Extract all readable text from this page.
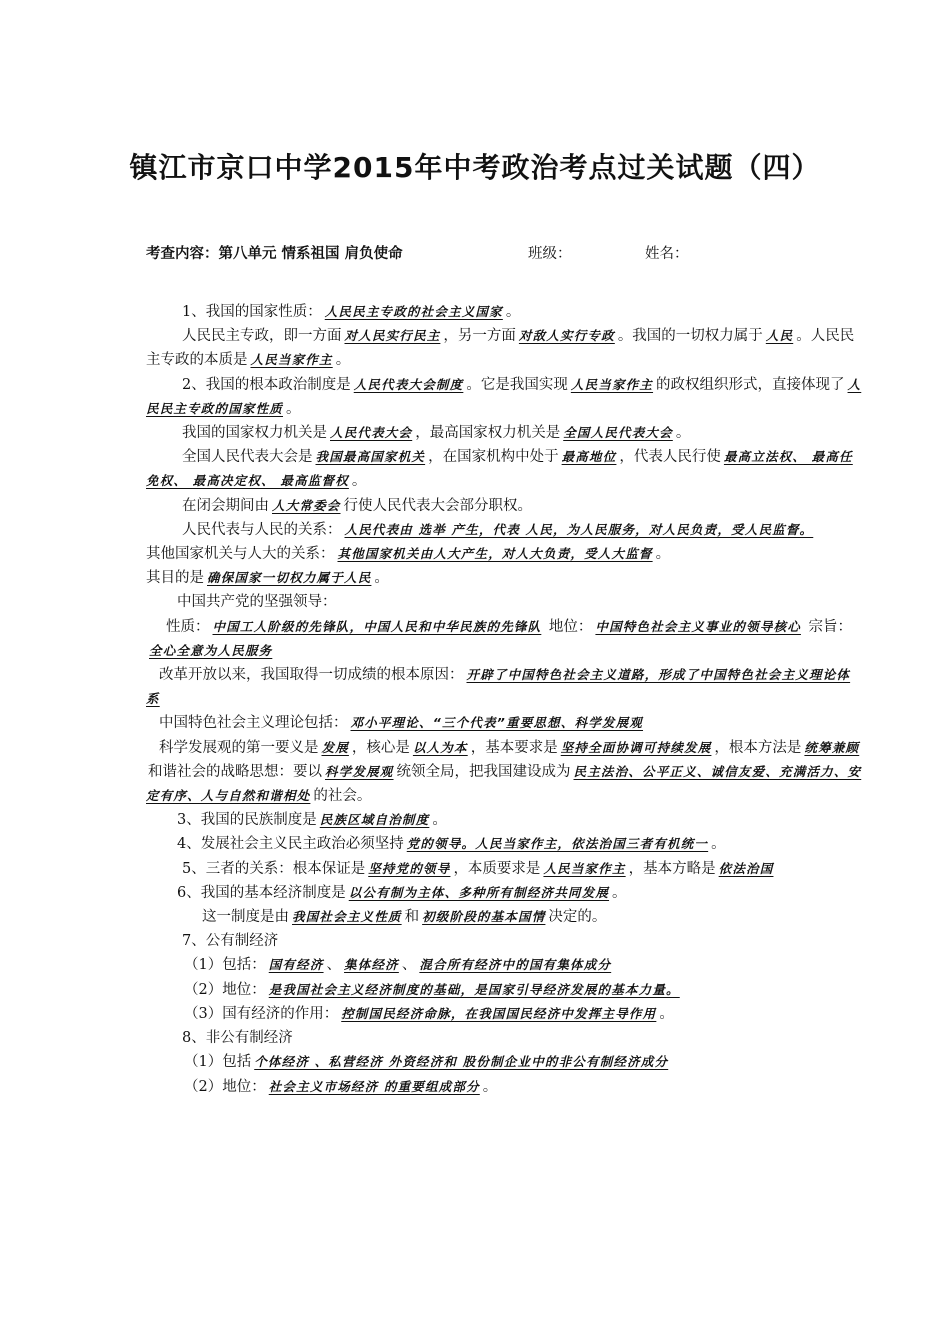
镇江市京口中学2015年中考政治考点过关试题（四）
考查内容：第八单元 情系祖国 肩负使命	班级：	姓名：

1、我国的国家性质： 人民民主专政的社会主义国家 。

人民民主专政，即一方面 对人民实行民主 ，另一方面 对敌人实行专政 。我国的一切权力属于 人民 。人民民主专政的本质是 人民当家作主 。

2、我国的根本政治制度是 人民代表大会制度 。它是我国实现 人民当家作主 的政权组织形式，直接体现了 人民民主专政的国家性质 。

我国的国家权力机关是 人民代表大会 ，最高国家权力机关是 全国人民代表大会 。

全国人民代表大会是 我国最高国家机关 ，在国家机构中处于 最高地位 ，代表人民行使 最高立法权、 最高任免权、 最高决定权、 最高监督权 。

在闭会期间由 人大常委会 行使人民代表大会部分职权。

人民代表与人民的关系： 人民代表由 选举 产生，代表 人民，为人民服务，对人民负责，受人民监督。

其他国家机关与人大的关系： 其他国家机关由人大产生，对人大负责，受人大监督 。

其目的是 确保国家一切权力属于人民 。

中国共产党的坚强领导：

性质： 中国工人阶级的先锋队，中国人民和中华民族的先锋队 地位： 中国特色社会主义事业的领导核心 宗旨：全心全意为人民服务

改革开放以来，我国取得一切成绩的根本原因： 开辟了中国特色社会主义道路，形成了中国特色社会主义理论体系

中国特色社会主义理论包括： 邓小平理论、“三个代表”重要思想、科学发展观

科学发展观的第一要义是 发展 ，核心是 以人为本 ，基本要求是 坚持全面协调可持续发展 ，根本方法是 统筹兼顾

和谐社会的战略思想：要以 科学发展观 统领全局，把我国建设成为 民主法治、公平正义、诚信友爱、充满活力、安定有序、人与自然和谐相处 的社会。

3、我国的民族制度是 民族区域自治制度 。

4、发展社会主义民主政治必须坚持 党的领导。人民当家作主，依法治国三者有机统一 。

5、三者的关系：根本保证是 坚持党的领导 ，本质要求是 人民当家作主 ，基本方略是 依法治国

6、我国的基本经济制度是 以公有制为主体、多种所有制经济共同发展 。

这一制度是由 我国社会主义性质 和 初级阶段的基本国情 决定的。

7、公有制经济

（1）包括： 国有经济 、 集体经济 、 混合所有经济中的国有集体成分

（2）地位： 是我国社会主义经济制度的基础，是国家引导经济发展的基本力量。

（3）国有经济的作用： 控制国民经济命脉，在我国国民经济中发挥主导作用 。

8、非公有制经济

（1）包括 个体经济 、私营经济 外资经济和 股份制企业中的非公有制经济成分

（2）地位： 社会主义市场经济 的重要组成部分 。
